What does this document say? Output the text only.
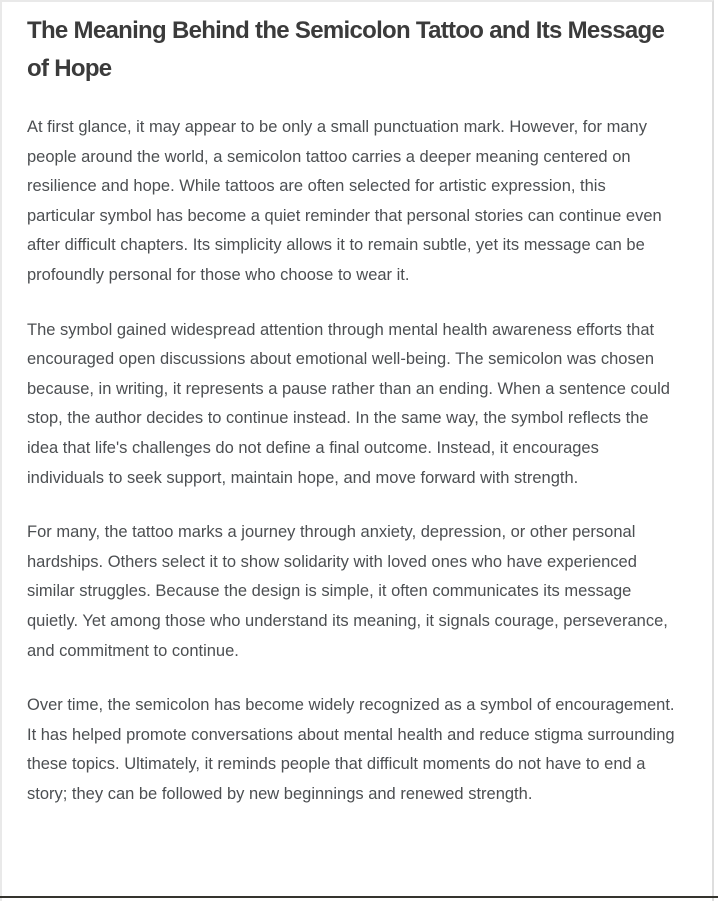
The Meaning Behind the Semicolon Tattoo and Its Message
of Hope

At first glance, it may appear to be only a small punctuation mark. However, for many people around the world, a semicolon tattoo carries a deeper meaning centered on resilience and hope. While tattoos are often selected for artistic expression, this particular symbol has become a quiet reminder that personal stories can continue even after difficult chapters. Its simplicity allows it to remain subtle, yet its message can be profoundly personal for those who choose to wear it.

The symbol gained widespread attention through mental health awareness efforts that encouraged open discussions about emotional well-being. The semicolon was chosen because, in writing, it represents a pause rather than an ending. When a sentence could stop, the author decides to continue instead. In the same way, the symbol reflects the idea that life's challenges do not define a final outcome. Instead, it encourages individuals to seek support, maintain hope, and move forward with strength.

For many, the tattoo marks a journey through anxiety, depression, or other personal hardships. Others select it to show solidarity with loved ones who have experienced similar struggles. Because the design is simple, it often communicates its message quietly. Yet among those who understand its meaning, it signals courage, perseverance, and commitment to continue.

Over time, the semicolon has become widely recognized as a symbol of encouragement. It has helped promote conversations about mental health and reduce stigma surrounding these topics. Ultimately, it reminds people that difficult moments do not have to end a story; they can be followed by new beginnings and renewed strength.
